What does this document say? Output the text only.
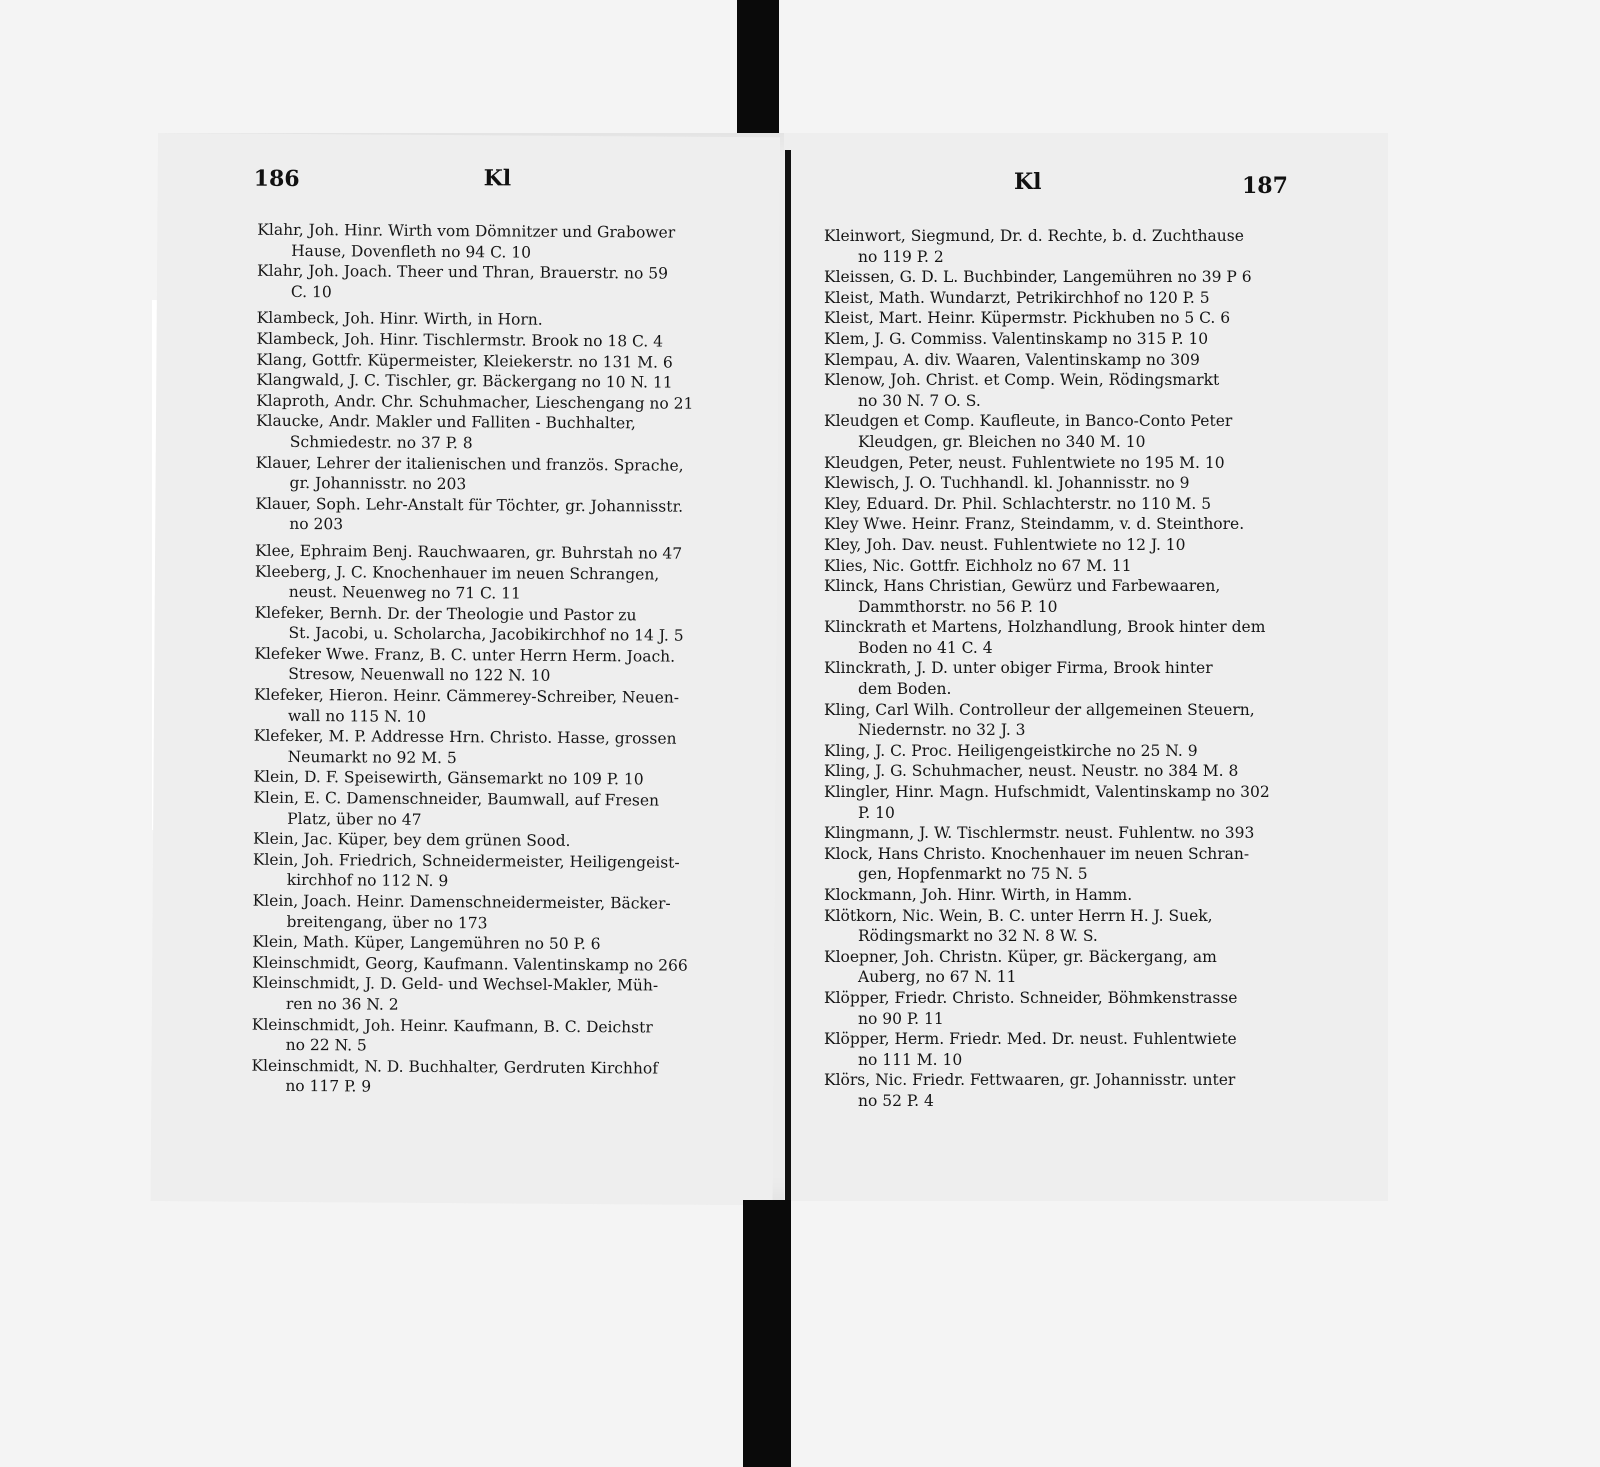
186	Kl
Klahr, Joh. Hinr. Wirth vom Dömnitzer und Grabower
Hause, Dovenfleth no 94 C. 10
Klahr, Joh. Joach. Theer und Thran, Brauerstr. no 59
C. 10
Klambeck, Joh. Hinr. Wirth, in Horn.
Klambeck, Joh. Hinr. Tischlermstr. Brook no 18 C. 4
Klang, Gottfr. Küpermeister, Kleiekerstr. no 131 M. 6
Klangwald, J. C. Tischler, gr. Bäckergang no 10 N. 11
Klaproth, Andr. Chr. Schuhmacher, Lieschengang no 21
Klaucke, Andr. Makler und Falliten - Buchhalter,
Schmiedestr. no 37 P. 8
Klauer, Lehrer der italienischen und französ. Sprache,
gr. Johannisstr. no 203
Klauer, Soph. Lehr-Anstalt für Töchter, gr. Johannisstr.
no 203
Klee, Ephraim Benj. Rauchwaaren, gr. Buhrstah no 47
Kleeberg, J. C. Knochenhauer im neuen Schrangen,
neust. Neuenweg no 71 C. 11
Klefeker, Bernh. Dr. der Theologie und Pastor zu
St. Jacobi, u. Scholarcha, Jacobikirchhof no 14 J. 5
Klefeker Wwe. Franz, B. C. unter Herrn Herm. Joach.
Stresow, Neuenwall no 122 N. 10
Klefeker, Hieron. Heinr. Cämmerey-Schreiber, Neuen-
wall no 115 N. 10
Klefeker, M. P. Addresse Hrn. Christo. Hasse, grossen
Neumarkt no 92 M. 5
Klein, D. F. Speisewirth, Gänsemarkt no 109 P. 10
Klein, E. C. Damenschneider, Baumwall, auf Fresen
Platz, über no 47
Klein, Jac. Küper, bey dem grünen Sood.
Klein, Joh. Friedrich, Schneidermeister, Heiligengeist-
kirchhof no 112 N. 9
Klein, Joach. Heinr. Damenschneidermeister, Bäcker-
breitengang, über no 173
Klein, Math. Küper, Langemühren no 50 P. 6
Kleinschmidt, Georg, Kaufmann. Valentinskamp no 266
Kleinschmidt, J. D. Geld- und Wechsel-Makler, Müh-
ren no 36 N. 2
Kleinschmidt, Joh. Heinr. Kaufmann, B. C. Deichstr
no 22 N. 5
Kleinschmidt, N. D. Buchhalter, Gerdruten Kirchhof
no 117 P. 9
Kl	187
Kleinwort, Siegmund, Dr. d. Rechte, b. d. Zuchthause
no 119 P. 2
Kleissen, G. D. L. Buchbinder, Langemühren no 39 P 6
Kleist, Math. Wundarzt, Petrikirchhof no 120 P. 5
Kleist, Mart. Heinr. Küpermstr. Pickhuben no 5 C. 6
Klem, J. G. Commiss. Valentinskamp no 315 P. 10
Klempau, A. div. Waaren, Valentinskamp no 309
Klenow, Joh. Christ. et Comp. Wein, Rödingsmarkt
no 30 N. 7 O. S.
Kleudgen et Comp. Kaufleute, in Banco-Conto Peter
Kleudgen, gr. Bleichen no 340 M. 10
Kleudgen, Peter, neust. Fuhlentwiete no 195 M. 10
Klewisch, J. O. Tuchhandl. kl. Johannisstr. no 9
Kley, Eduard. Dr. Phil. Schlachterstr. no 110 M. 5
Kley Wwe. Heinr. Franz, Steindamm, v. d. Steinthore.
Kley, Joh. Dav. neust. Fuhlentwiete no 12 J. 10
Klies, Nic. Gottfr. Eichholz no 67 M. 11
Klinck, Hans Christian, Gewürz und Farbewaaren,
Dammthorstr. no 56 P. 10
Klinckrath et Martens, Holzhandlung, Brook hinter dem
Boden no 41 C. 4
Klinckrath, J. D. unter obiger Firma, Brook hinter
dem Boden.
Kling, Carl Wilh. Controlleur der allgemeinen Steuern,
Niedernstr. no 32 J. 3
Kling, J. C. Proc. Heiligengeistkirche no 25 N. 9
Kling, J. G. Schuhmacher, neust. Neustr. no 384 M. 8
Klingler, Hinr. Magn. Hufschmidt, Valentinskamp no 302
P. 10
Klingmann, J. W. Tischlermstr. neust. Fuhlentw. no 393
Klock, Hans Christo. Knochenhauer im neuen Schran-
gen, Hopfenmarkt no 75 N. 5
Klockmann, Joh. Hinr. Wirth, in Hamm.
Klötkorn, Nic. Wein, B. C. unter Herrn H. J. Suek,
Rödingsmarkt no 32 N. 8 W. S.
Kloepner, Joh. Christn. Küper, gr. Bäckergang, am
Auberg, no 67 N. 11
Klöpper, Friedr. Christo. Schneider, Böhmkenstrasse
no 90 P. 11
Klöpper, Herm. Friedr. Med. Dr. neust. Fuhlentwiete
no 111 M. 10
Klörs, Nic. Friedr. Fettwaaren, gr. Johannisstr. unter
no 52 P. 4
